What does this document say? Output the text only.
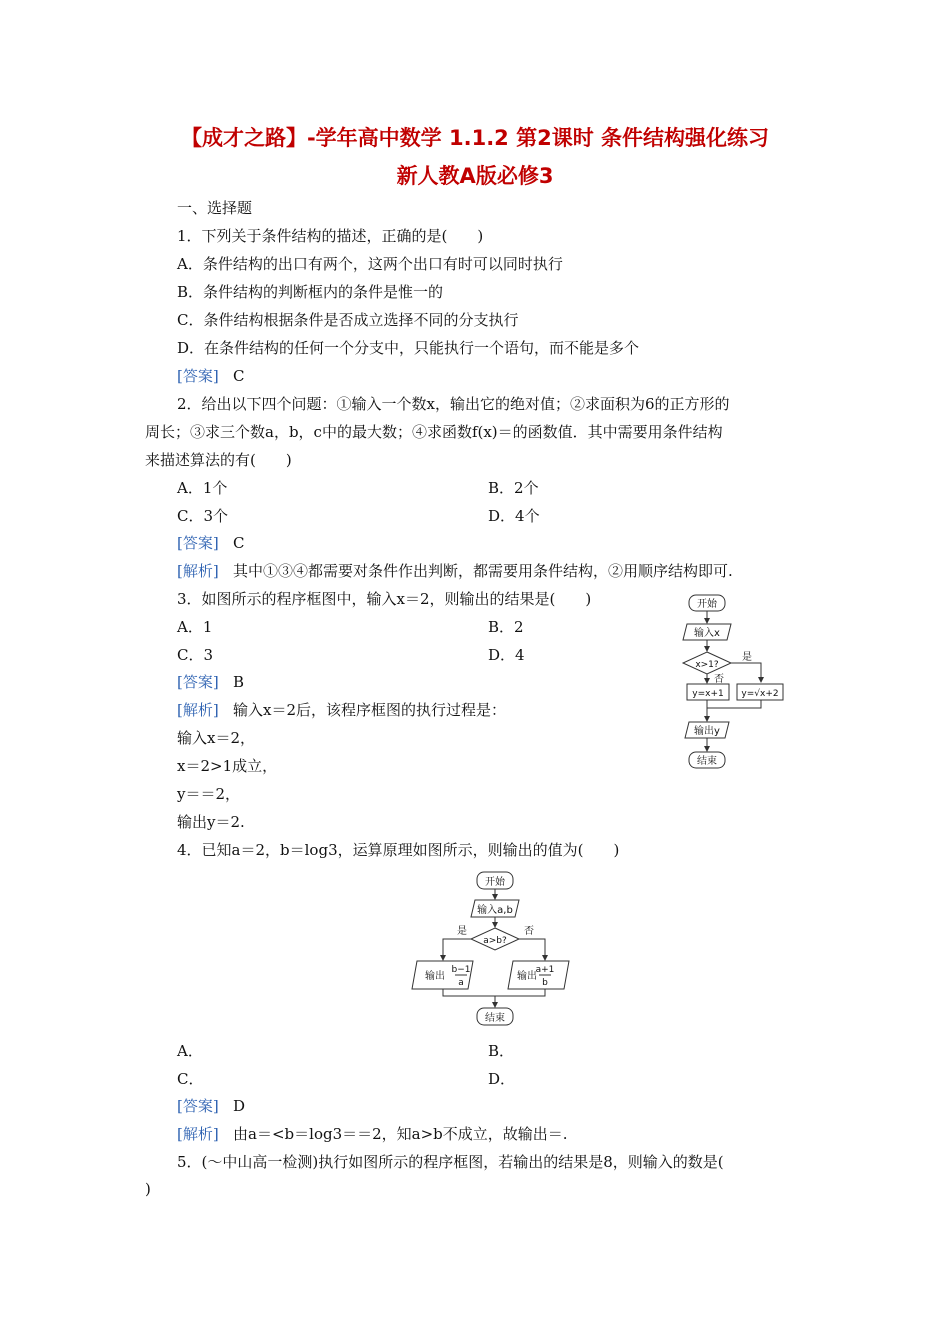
【成才之路】-学年高中数学 1.1.2 第2课时 条件结构强化练习
新人教A版必修3
一、选择题
1．下列关于条件结构的描述，正确的是(　　)
A．条件结构的出口有两个，这两个出口有时可以同时执行
B．条件结构的判断框内的条件是惟一的
C．条件结构根据条件是否成立选择不同的分支执行
D．在条件结构的任何一个分支中，只能执行一个语句，而不能是多个
[答案] C
2．给出以下四个问题：①输入一个数x，输出它的绝对值；②求面积为6的正方形的
周长；③求三个数a，b，c中的最大数；④求函数f(x)＝的函数值．其中需要用条件结构
来描述算法的有(　　)
A．1个	B．2个
C．3个	D．4个
[答案] C
[解析] 其中①③④都需要对条件作出判断，都需要用条件结构，②用顺序结构即可.
3．如图所示的程序框图中，输入x＝2，则输出的结果是(　　)
A．1	B．2
C．3	D．4
[答案] B
[解析] 输入x＝2后，该程序框图的执行过程是：
输入x＝2，
x＝2>1成立，
y＝＝2，
输出y＝2.
开始
输入x
x>1?
是
否
y=x+1 y=√x+2
输出y
结束
4．已知a＝2，b＝log3，运算原理如图所示，则输出的值为(　　)
开始
输入a,b
a>b?
是	否
输出
b−1
a
输出
a+1
b
结束
A．	B．
C．	D．
[答案] D
[解析] 由a＝<b＝log3＝＝2，知a>b不成立，故输出＝.
5．(～中山高一检测)执行如图所示的程序框图，若输出的结果是8，则输入的数是(
)
